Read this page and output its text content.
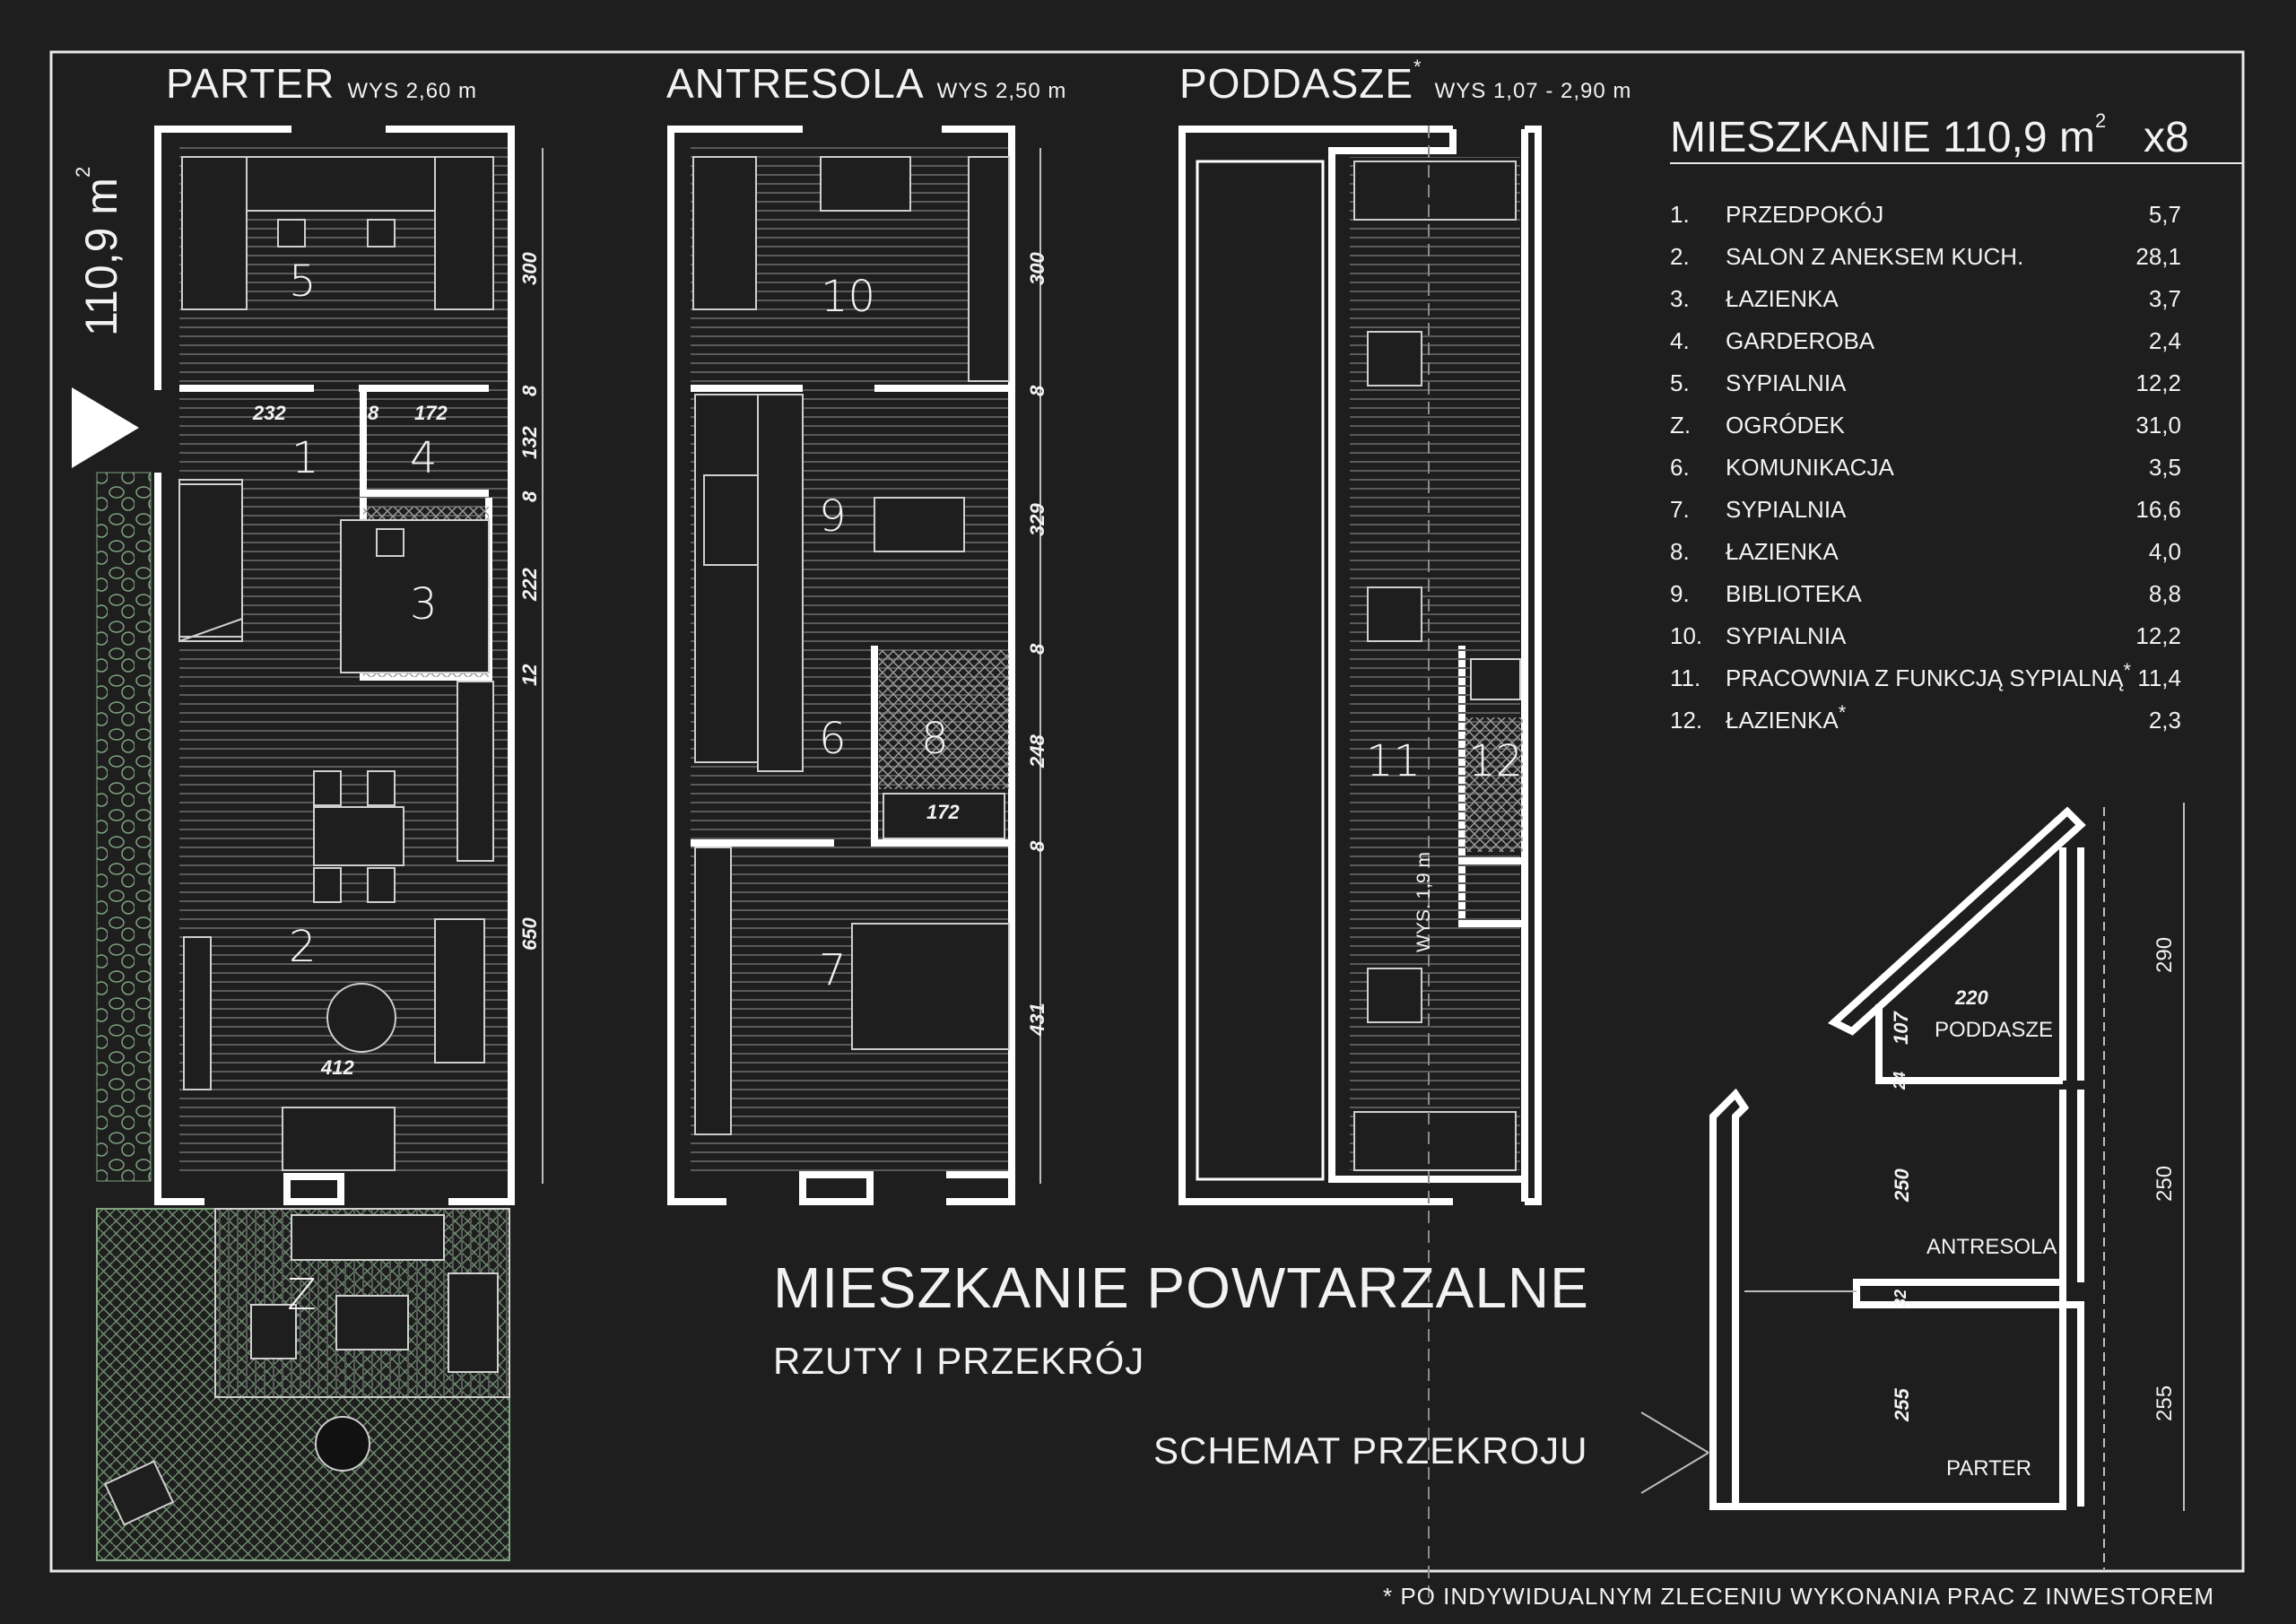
PARTER WYS 2,60 m	ANTRESOLA WYS 2,50 m	PODDASZE*WYS 1,07 - 2,90 m
110,9 $m^2$
5
1 4
3
2
Z
10
9
6 8
7
11 12
232	8 172
412
300
8
132
8
222
12
650
172
300
8
329
8
248
8
431
WYS. 1,9 m
MIESZKANIE 110,9 $m^2$ x8
1. PRZEDPOKÓJ	5,7
2. SALON Z ANEKSEM KUCH.	28,1
3. ŁAZIENKA	3,7
4. GARDEROBA	2,4
5. SYPIALNIA	12,2
Z. OGRÓDEK	31,0
6. KOMUNIKACJA	3,5
7. SYPIALNIA	16,6
8. ŁAZIENKA	4,0
9. BIBLIOTEKA	8,8
10. SYPIALNIA	12,2
11. PRACOWNIA Z FUNKCJĄ SYPIALNĄ* 11,4
12. ŁAZIENKA*	2,3
MIESZKANIE POWTARZALNE
RZUTY I PRZEKRÓJ
SCHEMAT PRZEKROJU
PODDASZE
ANTRESOLA
PARTER
220
107
24
250
32
255
290
250
255
* PO INDYWIDUALNYM ZLECENIU WYKONANIA PRAC Z INWESTOREM
